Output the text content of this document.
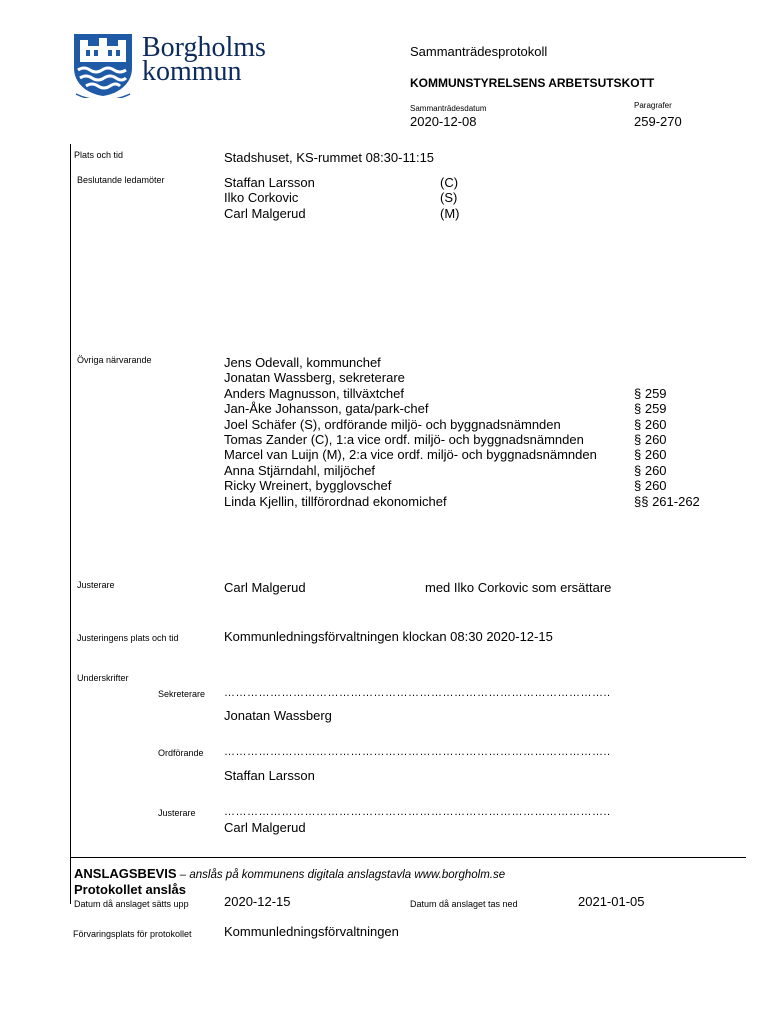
Borgholms
kommun
Sammanträdesprotokoll
KOMMUNSTYRELSENS ARBETSUTSKOTT
Sammanträdesdatum
2020-12-08
Paragrafer
259-270
Plats och tid	Stadshuset, KS-rummet 08:30-11:15
Beslutande ledamöter	Staffan Larsson	(C)
Ilko Corkovic	(S)
Carl Malgerud	(M)
Övriga närvarande	Jens Odevall, kommunchef
Jonatan Wassberg, sekreterare
Anders Magnusson, tillväxtchef	§ 259
Jan-Åke Johansson, gata/park-chef	§ 259
Joel Schäfer (S), ordförande miljö- och byggnadsnämnden	§ 260
Tomas Zander (C), 1:a vice ordf. miljö- och byggnadsnämnden	§ 260
Marcel van Luijn (M), 2:a vice ordf. miljö- och byggnadsnämnden	§ 260
Anna Stjärndahl, miljöchef	§ 260
Ricky Wreinert, bygglovschef	§ 260
Linda Kjellin, tillförordnad ekonomichef	§§ 261-262
Justerare	Carl Malgerud	med Ilko Corkovic som ersättare
Justeringens plats och tid	Kommunledningsförvaltningen klockan 08:30 2020-12-15
Underskrifter
Sekreterare ………………………………………………………………………………………..
Jonatan Wassberg
Ordförande ………………………………………………………………………………………..
Staffan Larsson
Justerare	………………………………………………………………………………………..
Carl Malgerud
ANSLAGSBEVIS – anslås på kommunens digitala anslagstavla www.borgholm.se
Protokollet anslås
Datum då anslaget sätts upp	2020-12-15	Datum då anslaget tas ned	2021-01-05
Förvaringsplats för protokollet Kommunledningsförvaltningen
